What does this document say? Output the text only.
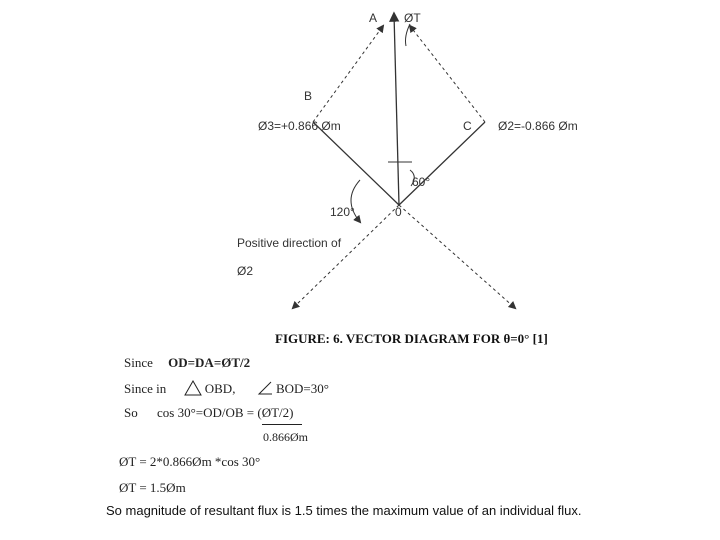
A ØT
B
C
Ø3=+0.866 Øm	Ø2=-0.866 Øm
60°
120°	0
Positive direction of
Ø2
FIGURE: 6. VECTOR DIAGRAM FOR θ=0° [1]
Since OD=DA=ØT/2
Since in	OBD,	BOD=30°
So cos 30°=OD/OB = (ØT/2)
0.866Øm
ØT = 2*0.866Øm *cos 30°
ØT = 1.5Øm
So magnitude of resultant flux is 1.5 times the maximum value of an individual flux.
